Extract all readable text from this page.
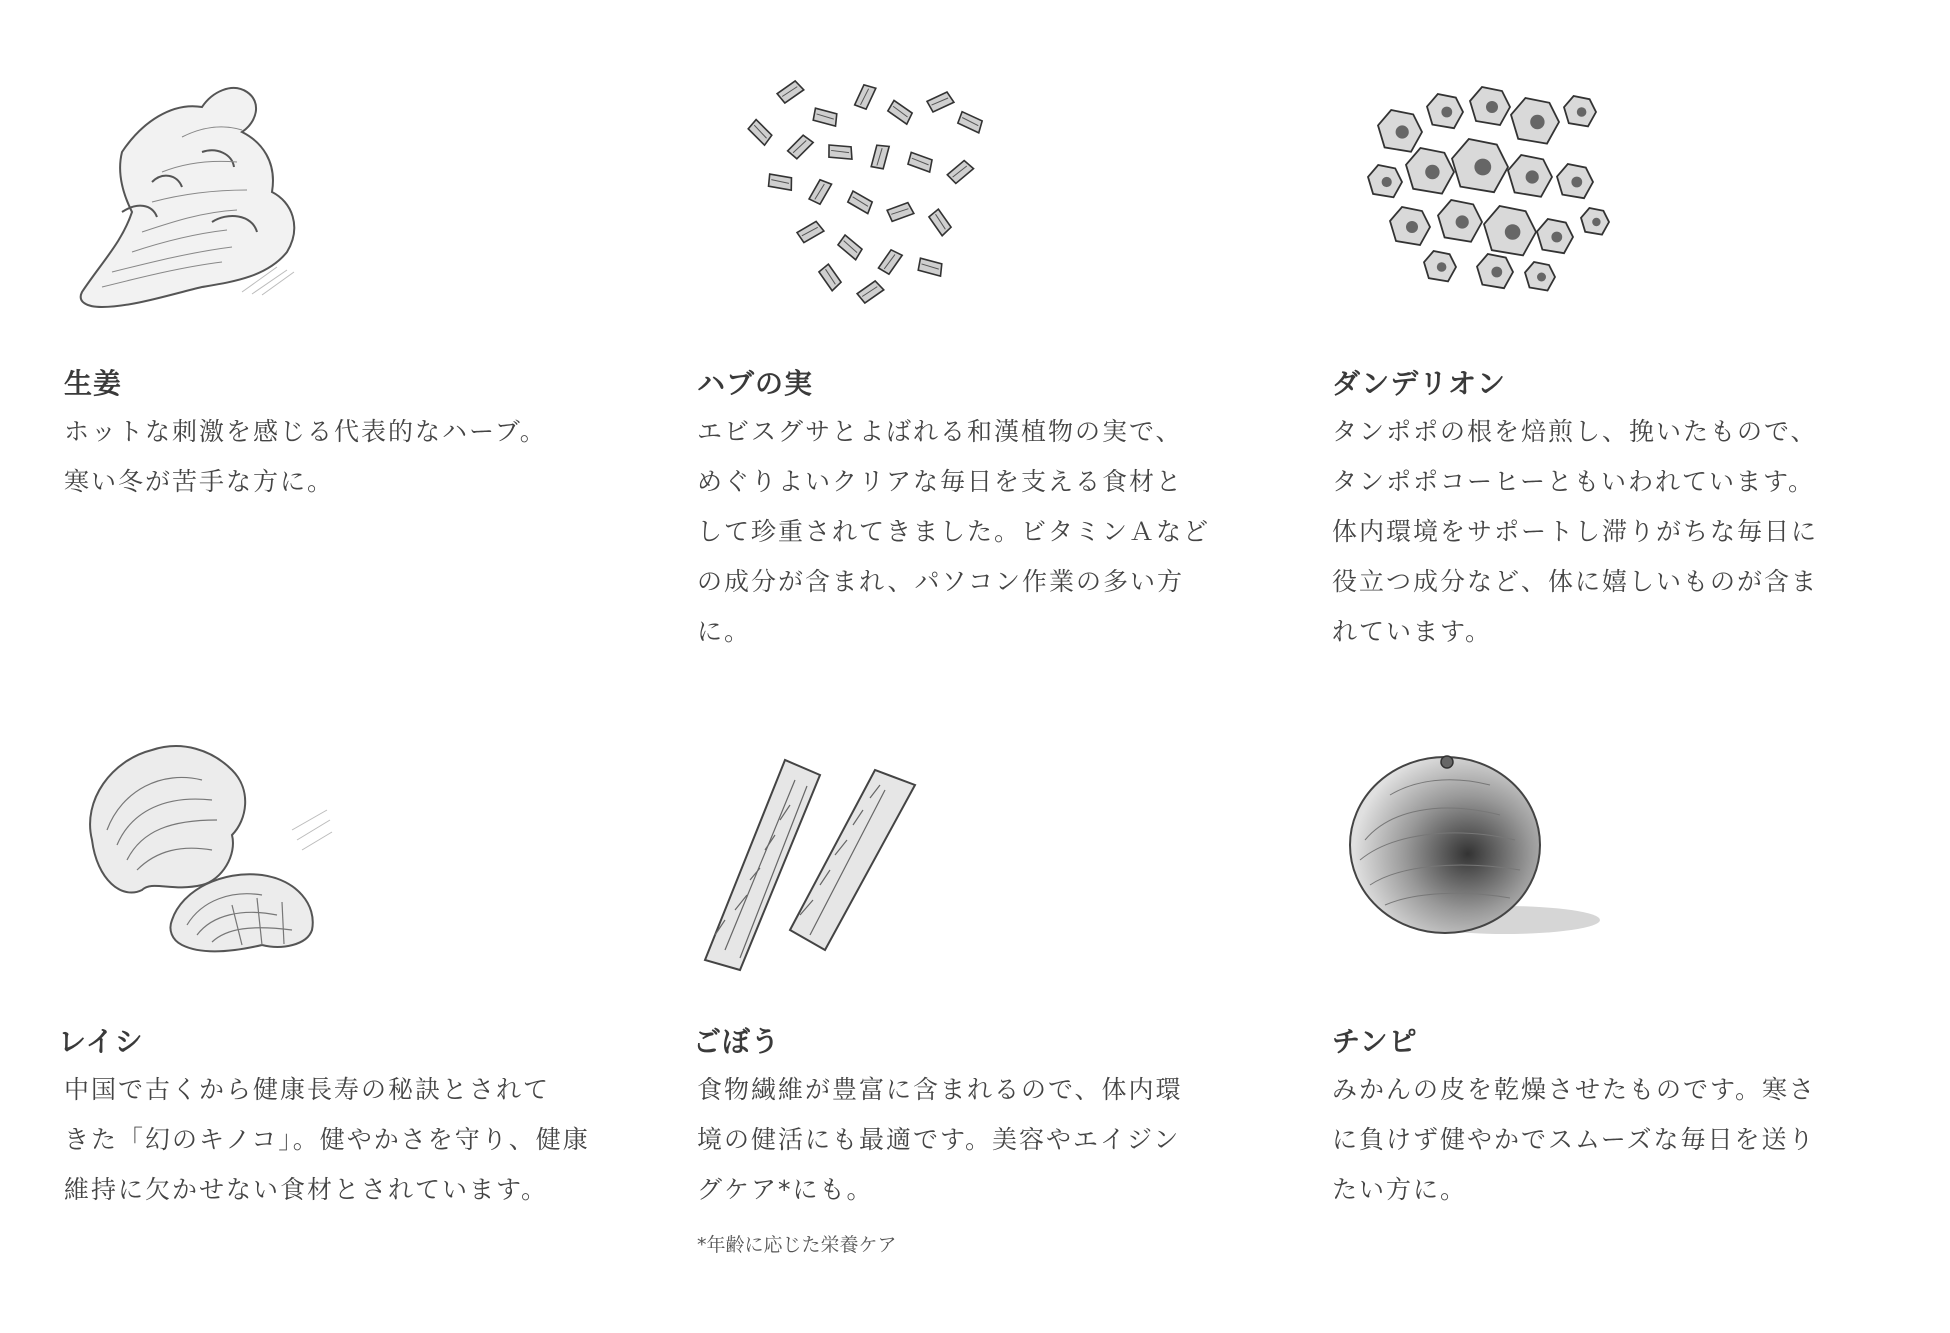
生姜

ホットな刺激を感じる代表的なハーブ。
寒い冬が苦手な方に。

ハブの実

エビスグサとよばれる和漢植物の実で、
めぐりよいクリアな毎日を支える食材と
して珍重されてきました。ビタミンＡなど
の成分が含まれ、パソコン作業の多い方
に。

ダンデリオン

タンポポの根を焙煎し、挽いたもので、
タンポポコーヒーともいわれています。
体内環境をサポートし滞りがちな毎日に
役立つ成分など、体に嬉しいものが含ま
れています。

レイシ

中国で古くから健康長寿の秘訣とされて
きた「幻のキノコ」。健やかさを守り、健康
維持に欠かせない食材とされています。

ごぼう

食物繊維が豊富に含まれるので、体内環
境の健活にも最適です。美容やエイジン
グケア*にも。

*年齢に応じた栄養ケア

チンピ

みかんの皮を乾燥させたものです。寒さ
に負けず健やかでスムーズな毎日を送り
たい方に。
